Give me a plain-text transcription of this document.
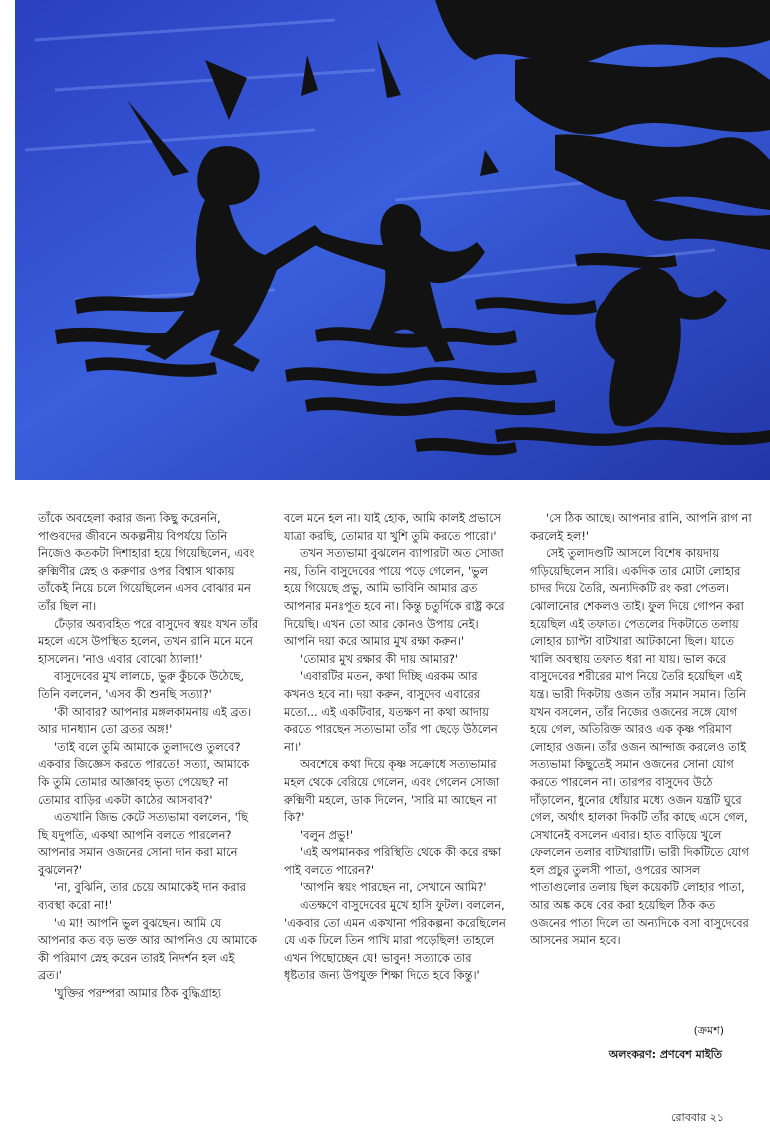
তাঁকে অবহেলা করার জন্য কিছু করেননি, পাণ্ডবদের জীবনে অকল্পনীয় বিপর্যয়ে তিনি নিজেও কতকটা দিশাহারা হয়ে গিয়েছিলেন, এবং রুক্মিণীর স্নেহ ও করুণার ওপর বিশ্বাস থাকায় তাঁকেই নিয়ে চলে গিয়েছিলেন এসব বোঝার মন তাঁর ছিল না।

ঢেঁড়ার অব্যবহিত পরে বাসুদেব স্বয়ং যখন তাঁর মহলে এসে উপস্থিত হলেন, তখন রানি মনে মনে হাসলেন। 'নাও এবার বোঝো ঠ্যালা!'

বাসুদেবের মুখ লালচে, ভুরু কুঁচকে উঠেছে, তিনি বললেন, 'এসব কী শুনছি সত্যা?'

'কী আবার? আপনার মঙ্গলকামনায় এই ব্রত। আর দানধ্যান তো ব্রতর অঙ্গ!'

'তাই বলে তুমি আমাকে তুলাদণ্ডে তুলবে? একবার জিজ্ঞেস করতে পারতে! সত্যা, আমাকে কি তুমি তোমার আজ্ঞাবহ ভৃত্য পেয়েছ? না তোমার বাড়ির একটা কাঠের আসবাব?'

এতখানি জিভ কেটে সত্যভামা বললেন, 'ছি ছি যদুপতি, একথা আপনি বলতে পারলেন? আপনার সমান ওজনের সোনা দান করা মানে বুঝলেন?'

'না, বুঝিনি, তার চেয়ে আমাকেই দান করার ব্যবস্থা করো না!'

'এ মা! আপনি ভুল বুঝছেন। আমি যে আপনার কত বড় ভক্ত আর আপনিও যে আমাকে কী পরিমাণ স্নেহ করেন তারই নিদর্শন হল এই ব্রত।'

'যুক্তির পরম্পরা আমার ঠিক বুদ্ধিগ্রাহ্য

বলে মনে হল না। যাই হোক, আমি কালই প্রভাসে যাত্রা করছি, তোমার যা খুশি তুমি করতে পারো।'

তখন সত্যভামা বুঝলেন ব্যাপারটা অত সোজা নয়, তিনি বাসুদেবের পায়ে পড়ে গেলেন, 'ভুল হয়ে গিয়েছে প্রভু, আমি ভাবিনি আমার ব্রত আপনার মনঃপূত হবে না। কিন্তু চতুর্দিকে রাষ্ট্র করে দিয়েছি। এখন তো আর কোনও উপায় নেই। আপনি দয়া করে আমার মুখ রক্ষা করুন।'

'তোমার মুখ রক্ষার কী দায় আমার?'

'এবারটির মতন, কথা দিচ্ছি এরকম আর কখনও হবে না। দয়া করুন, বাসুদেব এবারের মতো... এই একটিবার, যতক্ষণ না কথা আদায় করতে পারছেন সত্যভামা তাঁর পা ছেড়ে উঠলেন না।'

অবশেষে কথা দিয়ে কৃষ্ণ সক্রোধে সত্যভামার মহল থেকে বেরিয়ে গেলেন, এবং গেলেন সোজা রুক্মিণী মহলে, ডাক দিলেন, 'সারি মা আছেন না কি?'

'বলুন প্রভু!'

'এই অপমানকর পরিস্থিতি থেকে কী করে রক্ষা পাই বলতে পারেন?'

'আপনি স্বয়ং পারছেন না, সেখানে আমি?'

এতক্ষণে বাসুদেবের মুখে হাসি ফুটল। বললেন, 'একবার তো এমন একখানা পরিকল্পনা করেছিলেন যে এক ঢিলে তিন পাখি মারা পড়েছিল! তাহলে এখন পিছোচ্ছেন যে! ভাবুন! সত্যাকে তার ধৃষ্টতার জন্য উপযুক্ত শিক্ষা দিতে হবে কিন্তু।'

'সে ঠিক আছে। আপনার রানি, আপনি রাগ না করলেই হল!'

সেই তুলাদণ্ডটি আসলে বিশেষ কায়দায় গড়িয়েছিলেন সারি। একদিক তার মোটা লোহার চাদর দিয়ে তৈরি, অন্যদিকটি রং করা পেতল। ঝোলানোর শেকলও তাই। ফুল দিয়ে গোপন করা হয়েছিল এই তফাত। পেতলের দিকটাতে তলায় লোহার চ্যাপ্টা বাটখারা আটকানো ছিল। যাতে খালি অবস্থায় তফাত ধরা না যায়। ভাল করে বাসুদেবের শরীরের মাপ নিয়ে তৈরি হয়েছিল এই যন্ত্র। ভারী দিকটায় ওজন তাঁর সমান সমান। তিনি যখন বসলেন, তাঁর নিজের ওজনের সঙ্গে যোগ হয়ে গেল, অতিরিক্ত আরও এক কৃষ্ণ পরিমাণ লোহার ওজন। তাঁর ওজন আন্দাজ করলেও তাই সত্যভামা কিছুতেই সমান ওজনের সোনা যোগ করতে পারলেন না। তারপর বাসুদেব উঠে দাঁড়ালেন, ধুনোর ধোঁয়ার মধ্যে ওজন যন্ত্রটি ঘুরে গেল, অর্থাৎ হালকা দিকটি তাঁর কাছে এসে গেল, সেখানেই বসলেন এবার। হাত বাড়িয়ে খুলে ফেললেন তলার বাটখারাটি। ভারী দিকটিতে যোগ হল প্রচুর তুলসী পাতা, ওপরের আসল পাতাগুলোর তলায় ছিল কয়েকটি লোহার পাতা, আর অঙ্ক কষে বের করা হয়েছিল ঠিক কত ওজনের পাতা দিলে তা অন্যদিকে বসা বাসুদেবের আসনের সমান হবে।

(ক্রমশ)
অলংকরণ: প্রণবেশ মাইতি
রোববার ২১
